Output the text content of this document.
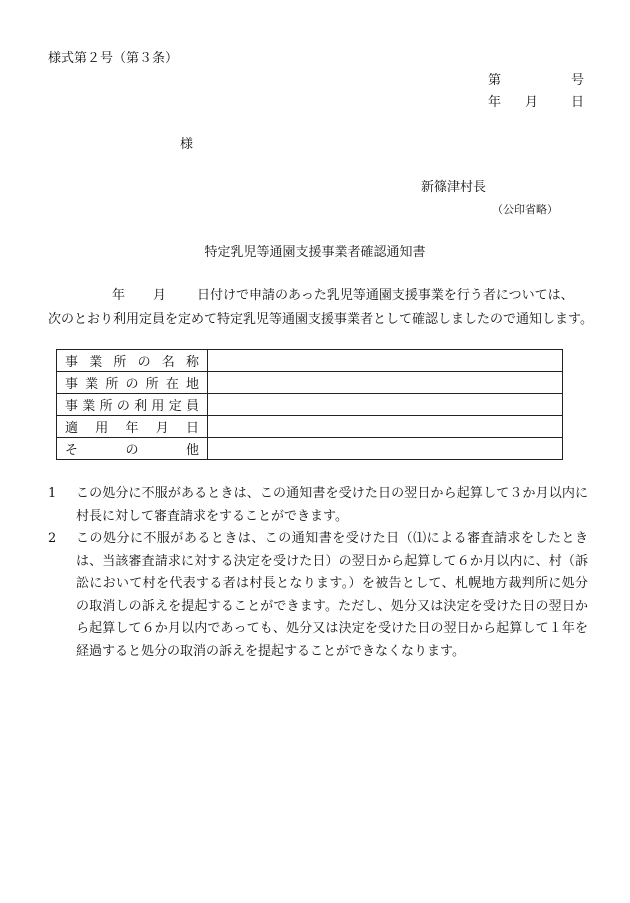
様式第２号（第３条）
第	号
年 月	日
様
新篠津村長
（公印省略）
特定乳児等通園支援事業者確認通知書
年 月 日付けで申請のあった乳児等通園支援事業を行う者については、
次のとおり利用定員を定めて特定乳児等通園支援事業者として確認しましたので通知します。
事業所の名称	
事業所の所在地	
事業所の利用定員	
適用年月日	
その他	
1	この処分に不服があるときは、この通知書を受けた日の翌日から起算して３か月以内に村長に対して審査請求をすることができます。
2	この処分に不服があるときは、この通知書を受けた日（⑴による審査請求をしたときは、当該審査請求に対する決定を受けた日）の翌日から起算して６か月以内に、村（訴訟において村を代表する者は村長となります。）を被告として、札幌地方裁判所に処分の取消しの訴えを提起することができます。ただし、処分又は決定を受けた日の翌日から起算して６か月以内であっても、処分又は決定を受けた日の翌日から起算して１年を経過すると処分の取消の訴えを提起することができなくなります。
